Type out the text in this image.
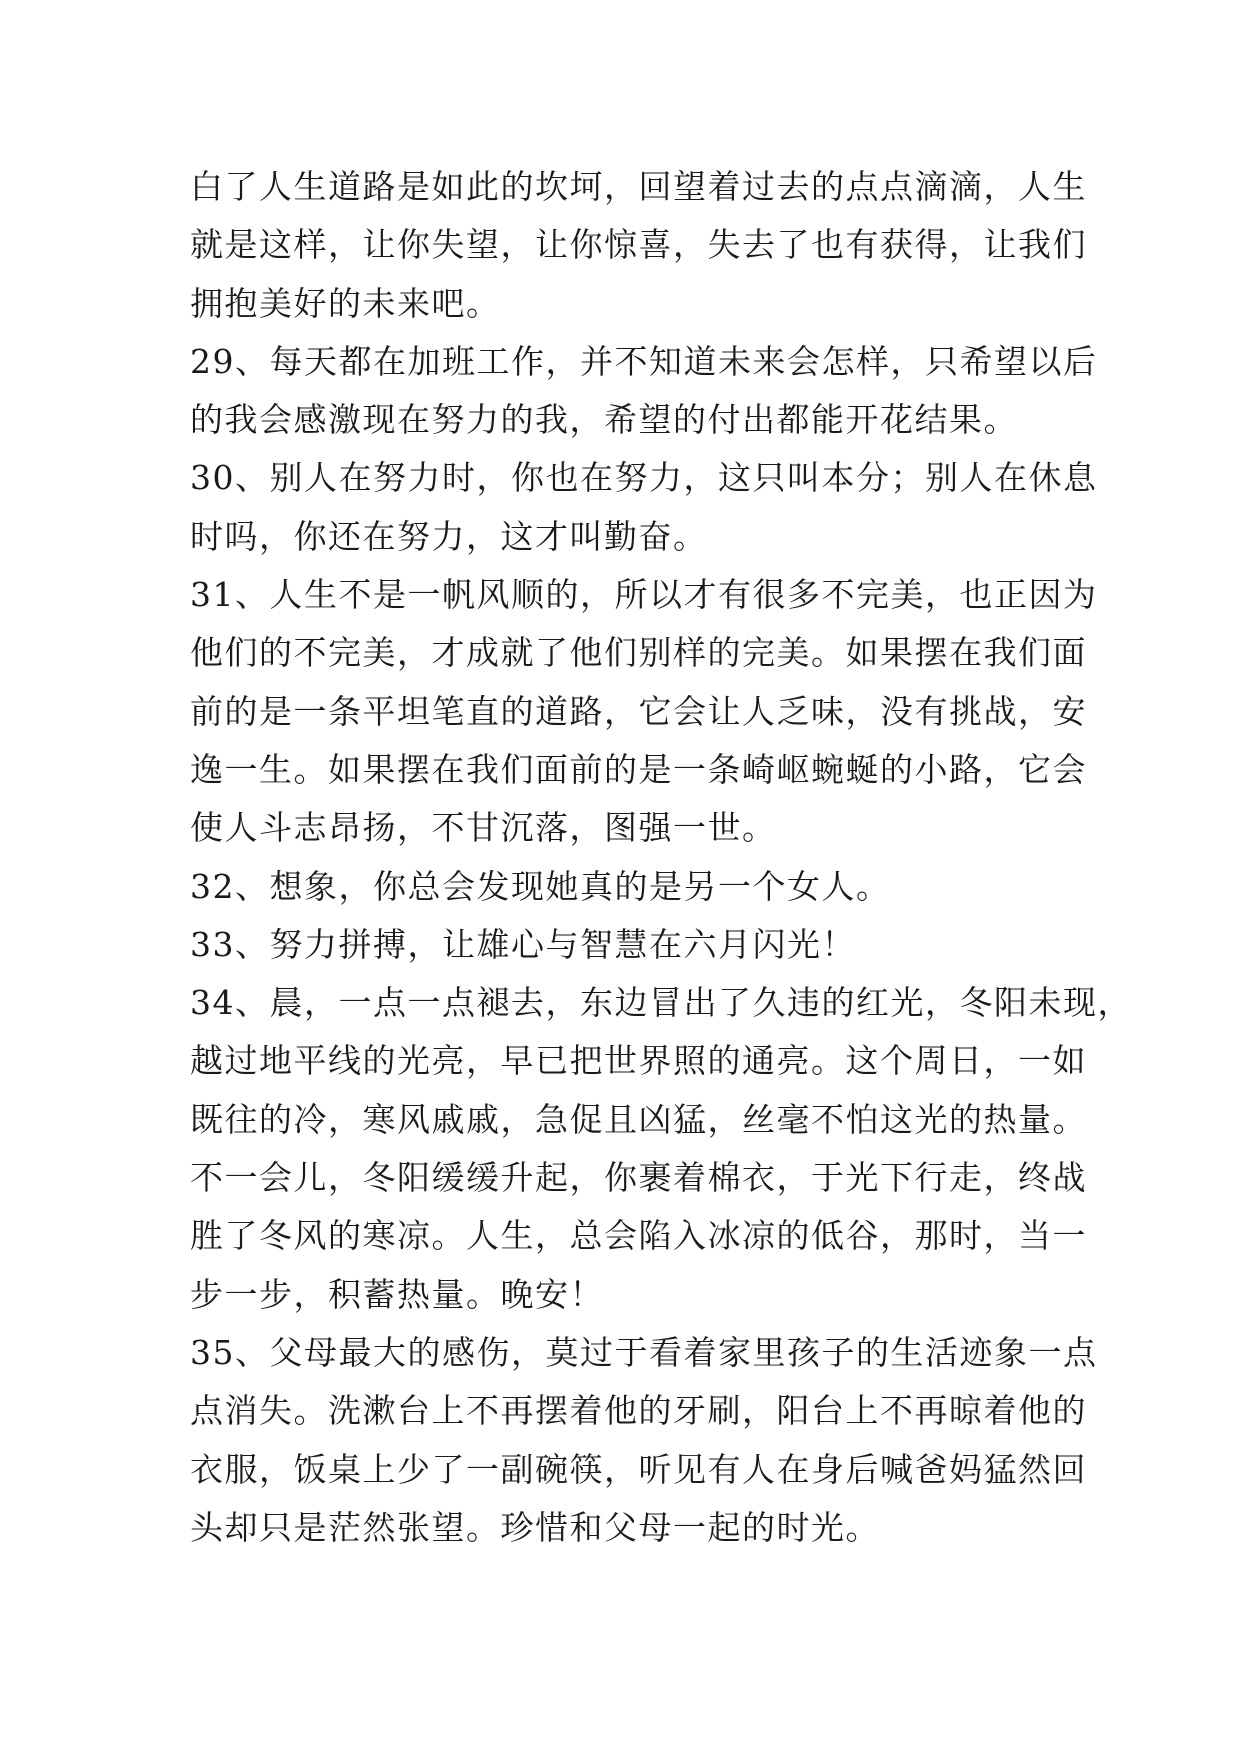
白了人生道路是如此的坎坷，回望着过去的点点滴滴，人生
就是这样，让你失望，让你惊喜，失去了也有获得，让我们
拥抱美好的未来吧。
29、每天都在加班工作，并不知道未来会怎样，只希望以后
的我会感激现在努力的我，希望的付出都能开花结果。
30、别人在努力时，你也在努力，这只叫本分；别人在休息
时吗，你还在努力，这才叫勤奋。
31、人生不是一帆风顺的，所以才有很多不完美，也正因为
他们的不完美，才成就了他们别样的完美。如果摆在我们面
前的是一条平坦笔直的道路，它会让人乏味，没有挑战，安
逸一生。如果摆在我们面前的是一条崎岖蜿蜒的小路，它会
使人斗志昂扬，不甘沉落，图强一世。
32、想象，你总会发现她真的是另一个女人。
33、努力拼搏，让雄心与智慧在六月闪光！
34、晨，一点一点褪去，东边冒出了久违的红光，冬阳未现，
越过地平线的光亮，早已把世界照的通亮。这个周日，一如
既往的冷，寒风戚戚，急促且凶猛，丝毫不怕这光的热量。
不一会儿，冬阳缓缓升起，你裹着棉衣，于光下行走，终战
胜了冬风的寒凉。人生，总会陷入冰凉的低谷，那时，当一
步一步，积蓄热量。晚安！
35、父母最大的感伤，莫过于看着家里孩子的生活迹象一点
点消失。洗漱台上不再摆着他的牙刷，阳台上不再晾着他的
衣服，饭桌上少了一副碗筷，听见有人在身后喊爸妈猛然回
头却只是茫然张望。珍惜和父母一起的时光。
